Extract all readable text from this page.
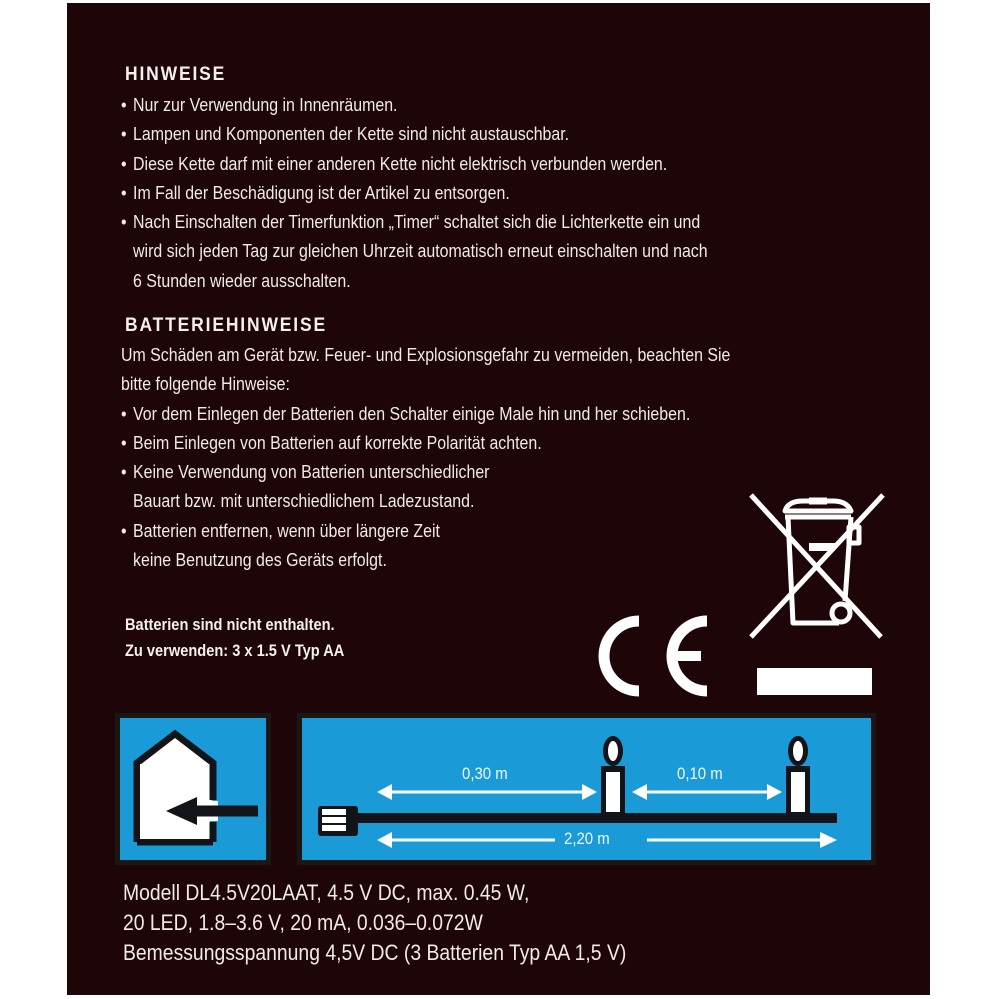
HINWEISE
• Nur zur Verwendung in Innenräumen.
• Lampen und Komponenten der Kette sind nicht austauschbar.
• Diese Kette darf mit einer anderen Kette nicht elektrisch verbunden werden.
• Im Fall der Beschädigung ist der Artikel zu entsorgen.
• Nach Einschalten der Timerfunktion „Timer“ schaltet sich die Lichterkette ein und
wird sich jeden Tag zur gleichen Uhrzeit automatisch erneut einschalten und nach
6 Stunden wieder ausschalten.
BATTERIEHINWEISE
Um Schäden am Gerät bzw. Feuer- und Explosionsgefahr zu vermeiden, beachten Sie
bitte folgende Hinweise:
• Vor dem Einlegen der Batterien den Schalter einige Male hin und her schieben.
• Beim Einlegen von Batterien auf korrekte Polarität achten.
• Keine Verwendung von Batterien unterschiedlicher
Bauart bzw. mit unterschiedlichem Ladezustand.
• Batterien entfernen, wenn über längere Zeit
keine Benutzung des Geräts erfolgt.
Batterien sind nicht enthalten.
Zu verwenden: 3 x 1.5 V Typ AA
0,30 m	0,10 m
2,20 m
Modell DL4.5V20LAAT, 4.5 V DC, max. 0.45 W,
20 LED, 1.8–3.6 V, 20 mA, 0.036–0.072W
Bemessungsspannung 4,5V DC (3 Batterien Typ AA 1,5 V)
